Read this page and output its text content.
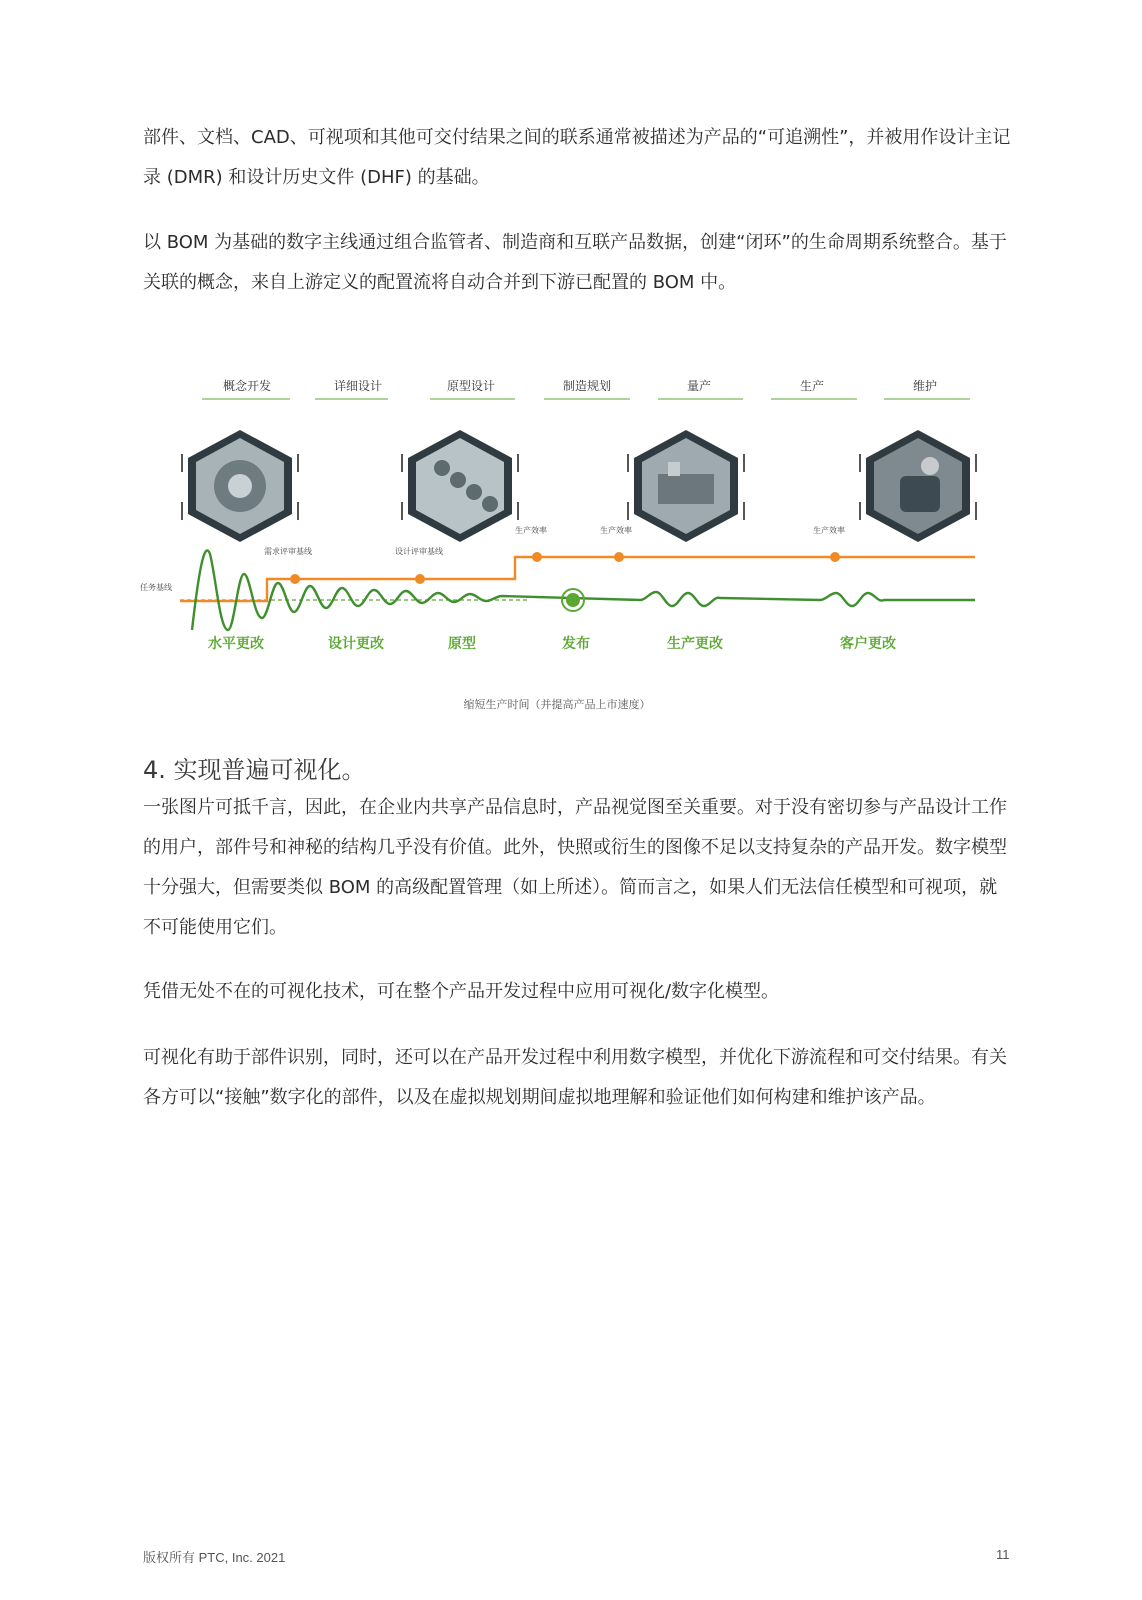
部件、文档、CAD、可视项和其他可交付结果之间的联系通常被描述为产品的“可追溯性”，并被用作设计主记录 (DMR) 和设计历史文件 (DHF) 的基础。

以 BOM 为基础的数字主线通过组合监管者、制造商和互联产品数据，创建“闭环”的生命周期系统整合。基于关联的概念，来自上游定义的配置流将自动合并到下游已配置的 BOM 中。

概念开发	详细设计	原型设计	制造规划	量产	生产	维护
任务基线
需求评审基线	设计评审基线
生产效率	生产效率	生产效率
水平更改	设计更改	原型	发布	生产更改	客户更改
缩短生产时间（并提高产品上市速度）
4. 实现普遍可视化。

一张图片可抵千言，因此，在企业内共享产品信息时，产品视觉图至关重要。对于没有密切参与产品设计工作的用户，部件号和神秘的结构几乎没有价值。此外，快照或衍生的图像不足以支持复杂的产品开发。数字模型十分强大，但需要类似 BOM 的高级配置管理（如上所述）。简而言之，如果人们无法信任模型和可视项，就不可能使用它们。

凭借无处不在的可视化技术，可在整个产品开发过程中应用可视化/数字化模型。

可视化有助于部件识别，同时，还可以在产品开发过程中利用数字模型，并优化下游流程和可交付结果。有关各方可以“接触”数字化的部件，以及在虚拟规划期间虚拟地理解和验证他们如何构建和维护该产品。

版权所有 PTC, Inc. 2021	11
